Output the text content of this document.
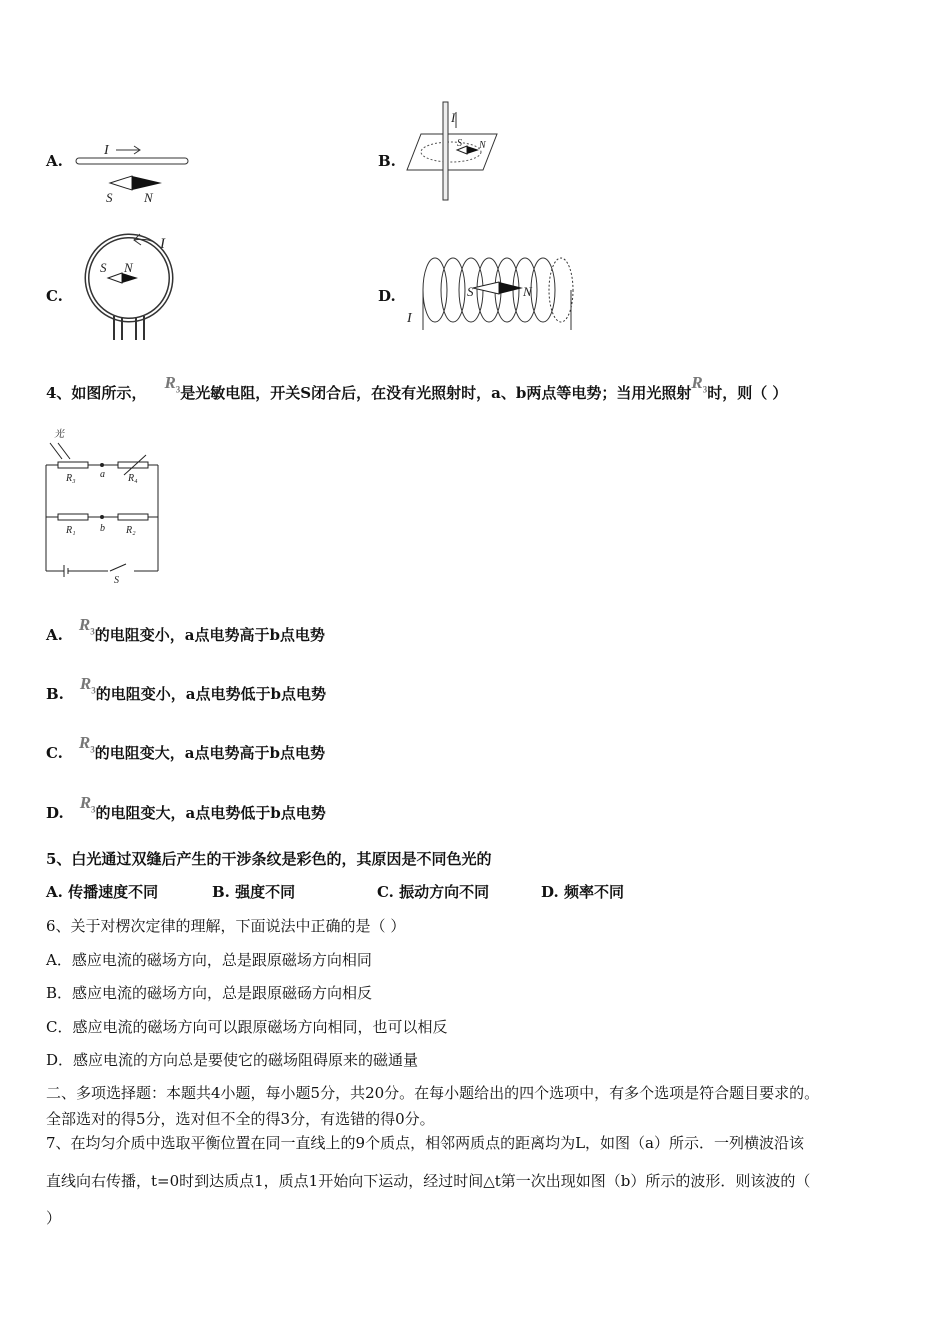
A.
I
S N
B.
I
S N
C.
I
S N
D.
I
S	N
4、如图所示，$R_3$是光敏电阻，开关S闭合后，在没有光照射时，a、b两点等电势；当用光照射$R_3$时，则（ ）
光
R₃ a R₄
R₁ b R₂
S
$A.R_3$的电阻变小，a点电势高于b点电势
$B.R_3$的电阻变小，a点电势低于b点电势
$C.R_3$的电阻变大，a点电势高于b点电势
$D.R_3$的电阻变大，a点电势低于b点电势
5、白光通过双缝后产生的干涉条纹是彩色的，其原因是不同色光的
A. 传播速度不同	B. 强度不同	C. 振动方向不同	D. 频率不同
6、关于对楞次定律的理解，下面说法中正确的是（ ）
A．感应电流的磁场方向，总是跟原磁场方向相同
B．感应电流的磁场方向，总是跟原磁砀方向相反
C．感应电流的磁场方向可以跟原磁场方向相同，也可以相反
D．感应电流的方向总是要使它的磁场阻碍原来的磁通量
二、多项选择题：本题共4小题，每小题5分，共20分。在每小题给出的四个选项中，有多个选项是符合题目要求的。
全部选对的得5分，选对但不全的得3分，有选错的得0分。
7、在均匀介质中选取平衡位置在同一直线上的9个质点，相邻两质点的距离均为L，如图（a）所示．一列横波沿该
直线向右传播，t=0时到达质点1，质点1开始向下运动，经过时间△t第一次出现如图（b）所示的波形．则该波的（
）
